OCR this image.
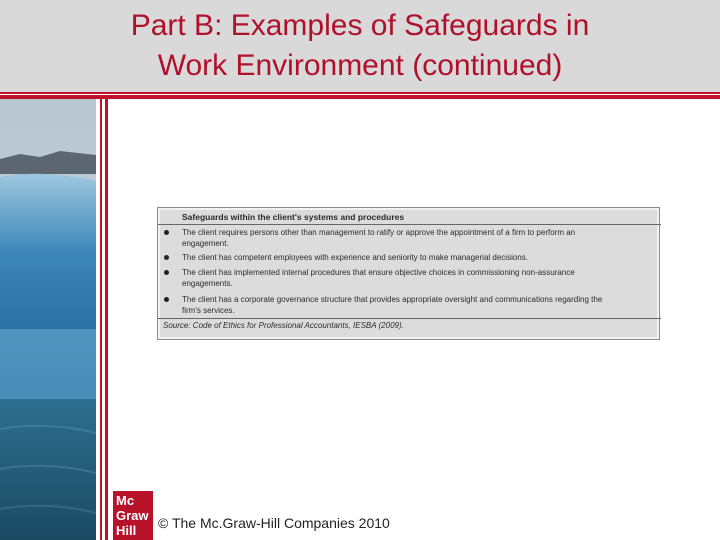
Part B: Examples of Safeguards in
Work Environment (continued)
Safeguards within the client's systems and procedures
The client requires persons other than management to ratify or approve the appointment of a firm to perform an
engagement.
The client has competent employees with experience and seniority to make managerial decisions.
The client has implemented internal procedures that ensure objective choices in commissioning non-assurance
engagements.
The client has a corporate governance structure that provides appropriate oversight and communications regarding the
firm's services.
Source: Code of Ethics for Professional Accountants, IESBA (2009).
Mc
Graw
Hill	© The Mc.Graw-Hill Companies 2010
